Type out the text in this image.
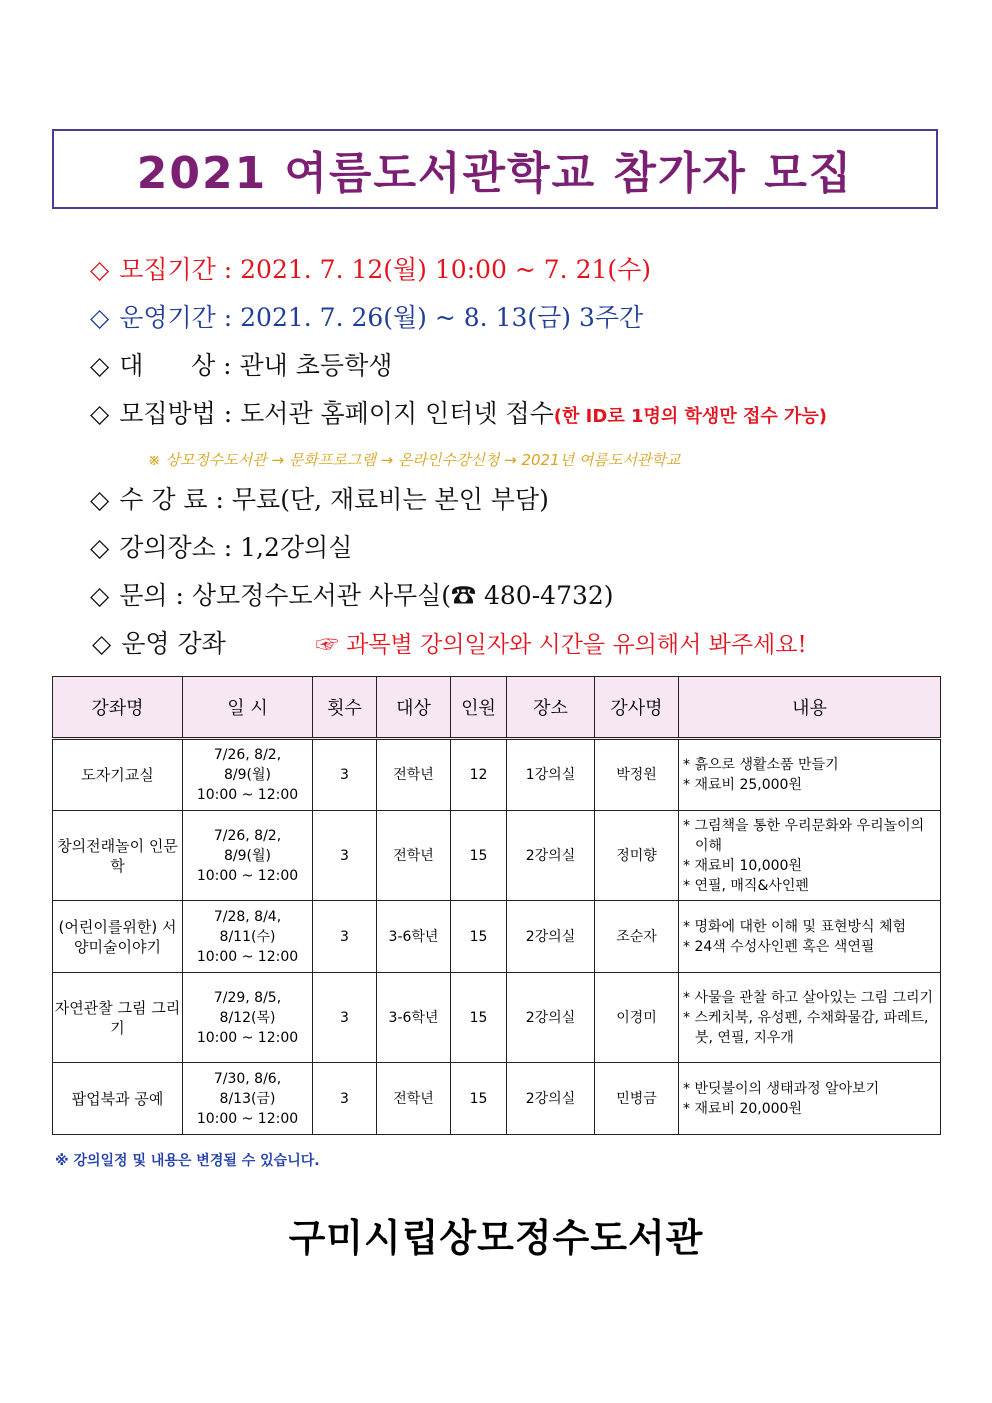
2021 여름도서관학교 참가자 모집
◇ 모집기간 : 2021. 7. 12(월) 10:00 ~ 7. 21(수)
◇ 운영기간 : 2021. 7. 26(월) ~ 8. 13(금) 3주간
◇ 대      상 : 관내 초등학생
◇ 모집방법 : 도서관 홈페이지 인터넷 접수(한 ID로 1명의 학생만 접수 가능)
※ 상모정수도서관 → 문화프로그램 → 온라인수강신청 → 2021년 여름도서관학교
◇ 수 강 료 : 무료(단, 재료비는 본인 부담)
◇ 강의장소 : 1,2강의실
◇ 문의 : 상모정수도서관 사무실(☎ 480-4732)
◇ 운영 강좌	☞ 과목별 강의일자와 시간을 유의해서 봐주세요!
강좌명	일 시	횟수	대상	인원	장소	강사명	내용
도자기교실	7/26, 8/2,
8/9(월)
10:00 ~ 12:00	3	전학년	12	1강의실	박정원	* 흙으로 생활소품 만들기
* 재료비 25,000원

창의전래놀이 인문학	7/26, 8/2,
8/9(월)
10:00 ~ 12:00	3	전학년	15	2강의실	정미향	* 그림책을 통한 우리문화와 우리놀이의 이해
* 재료비 10,000원
* 연필, 매직&사인펜

(어린이를위한) 서양미술이야기	7/28, 8/4,
8/11(수)
10:00 ~ 12:00	3	3-6학년	15	2강의실	조순자	* 명화에 대한 이해 및 표현방식 체험
* 24색 수성사인펜 혹은 색연필

자연관찰 그림 그리기	7/29, 8/5,
8/12(목)
10:00 ~ 12:00	3	3-6학년	15	2강의실	이경미	* 사물을 관찰 하고 살아있는 그림 그리기
* 스케치북, 유성펜, 수채화물감, 파레트, 붓, 연필, 지우개

팝업북과 공예	7/30, 8/6,
8/13(금)
10:00 ~ 12:00	3	전학년	15	2강의실	민병금	* 반딧불이의 생태과정 알아보기
* 재료비 20,000원
※ 강의일정 및 내용은 변경될 수 있습니다.
구미시립상모정수도서관
